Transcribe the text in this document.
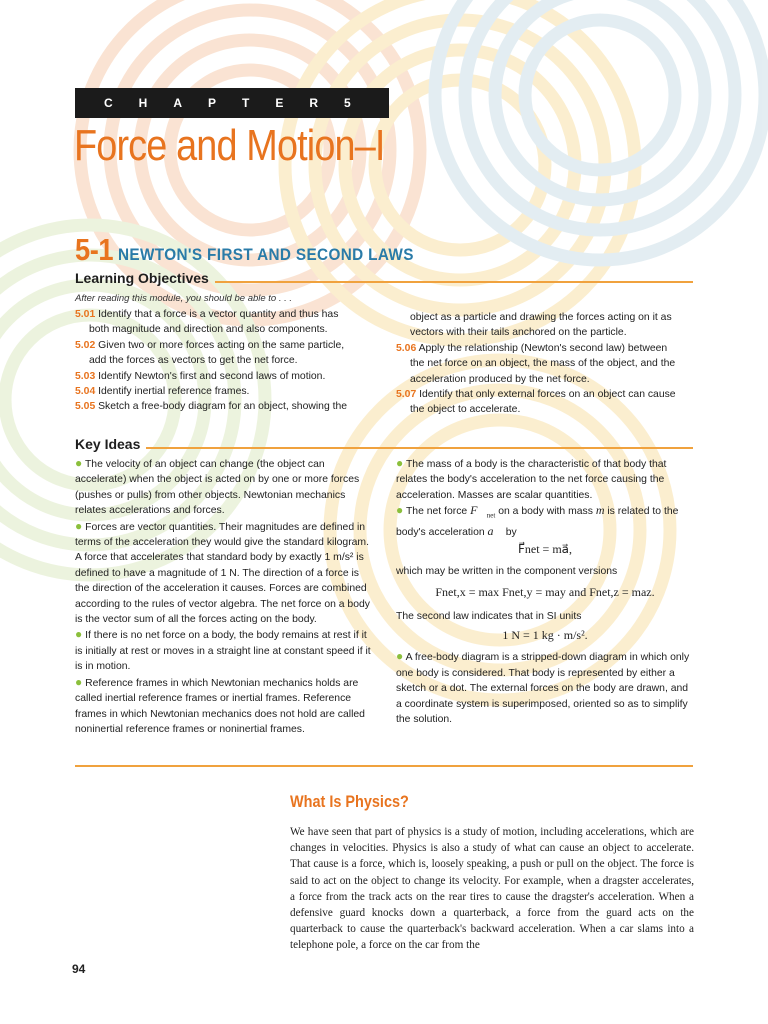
CHAPTER5
Force and Motion–I
5-1 NEWTON'S FIRST AND SECOND LAWS
Learning Objectives
After reading this module, you should be able to . . .
5.01 Identify that a force is a vector quantity and thus has
both magnitude and direction and also components.
5.02 Given two or more forces acting on the same particle,
add the forces as vectors to get the net force.
5.03 Identify Newton's first and second laws of motion.
5.04 Identify inertial reference frames.
5.05 Sketch a free-body diagram for an object, showing the
object as a particle and drawing the forces acting on it as vectors with their tails anchored on the particle.
5.06 Apply the relationship (Newton's second law) between
the net force on an object, the mass of the object, and the acceleration produced by the net force.
5.07 Identify that only external forces on an object can cause
the object to accelerate.
Key Ideas

● The velocity of an object can change (the object can accelerate) when the object is acted on by one or more forces (pushes or pulls) from other objects. Newtonian mechanics relates accelerations and forces.

● Forces are vector quantities. Their magnitudes are defined in terms of the acceleration they would give the standard kilogram. A force that accelerates that standard body by exactly 1 m/s² is defined to have a magnitude of 1 N. The direction of a force is the direction of the acceleration it causes. Forces are combined according to the rules of vector algebra. The net force on a body is the vector sum of all the forces acting on the body.

● If there is no net force on a body, the body remains at rest if it is initially at rest or moves in a straight line at constant speed if it is in motion.

● Reference frames in which Newtonian mechanics holds are called inertial reference frames or inertial frames. Reference frames in which Newtonian mechanics does not hold are called noninertial reference frames or noninertial frames.

● The mass of a body is the characteristic of that body that relates the body's acceleration to the net force causing the acceleration. Masses are scalar quantities.

● The net force $F⃗_{net}$ on a body with mass m is related to the body's acceleration a⃗ by

F⃗net = ma⃗,
which may be written in the component versions
Fnet,x = max Fnet,y = may and Fnet,z = maz.
The second law indicates that in SI units
1 N = 1 kg · m/s².

● A free-body diagram is a stripped-down diagram in which only one body is considered. That body is represented by either a sketch or a dot. The external forces on the body are drawn, and a coordinate system is superimposed, oriented so as to simplify the solution.

What Is Physics?
We have seen that part of physics is a study of motion, including accelerations, which are changes in velocities. Physics is also a study of what can cause an object to accelerate. That cause is a force, which is, loosely speaking, a push or pull on the object. The force is said to act on the object to change its velocity. For example, when a dragster accelerates, a force from the track acts on the rear tires to cause the dragster's acceleration. When a defensive guard knocks down a quarterback, a force from the guard acts on the quarterback to cause the quarterback's backward acceleration. When a car slams into a telephone pole, a force on the car from the
94
